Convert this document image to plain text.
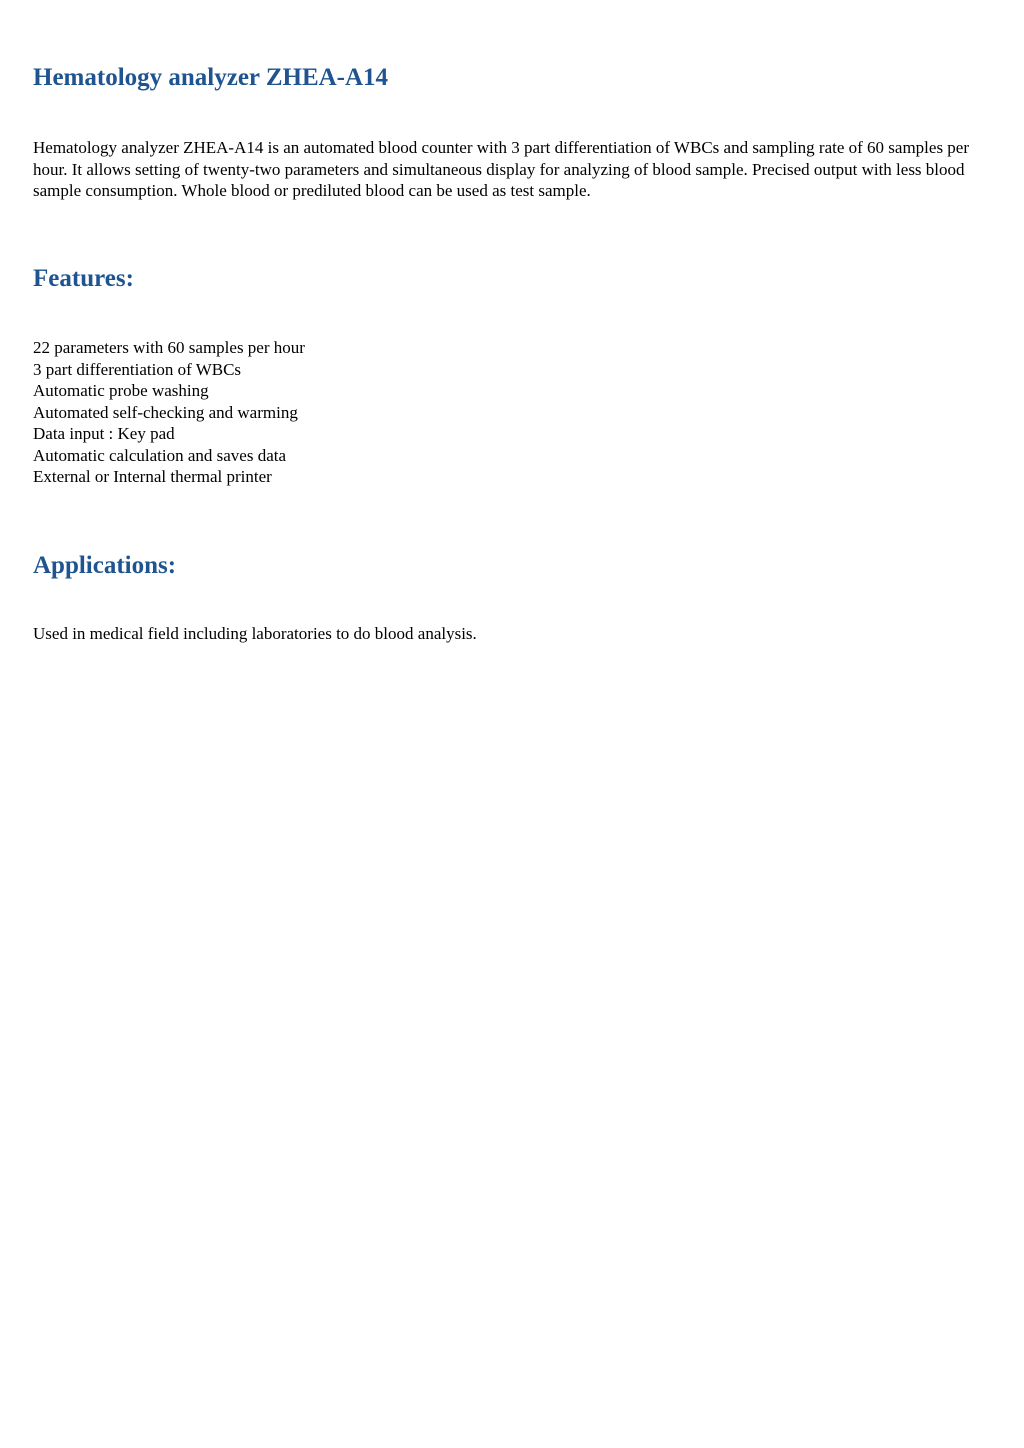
Hematology analyzer ZHEA-A14

Hematology analyzer ZHEA-A14 is an automated blood counter with 3 part differentiation of WBCs and sampling rate of 60 samples per hour. It allows setting of twenty-two parameters and simultaneous display for analyzing of blood sample. Precised output with less blood sample consumption. Whole blood or prediluted blood can be used as test sample.

Features:
22 parameters with 60 samples per hour
3 part differentiation of WBCs
Automatic probe washing
Automated self-checking and warming
Data input : Key pad
Automatic calculation and saves data
External or Internal thermal printer
Applications:

Used in medical field including laboratories to do blood analysis.
